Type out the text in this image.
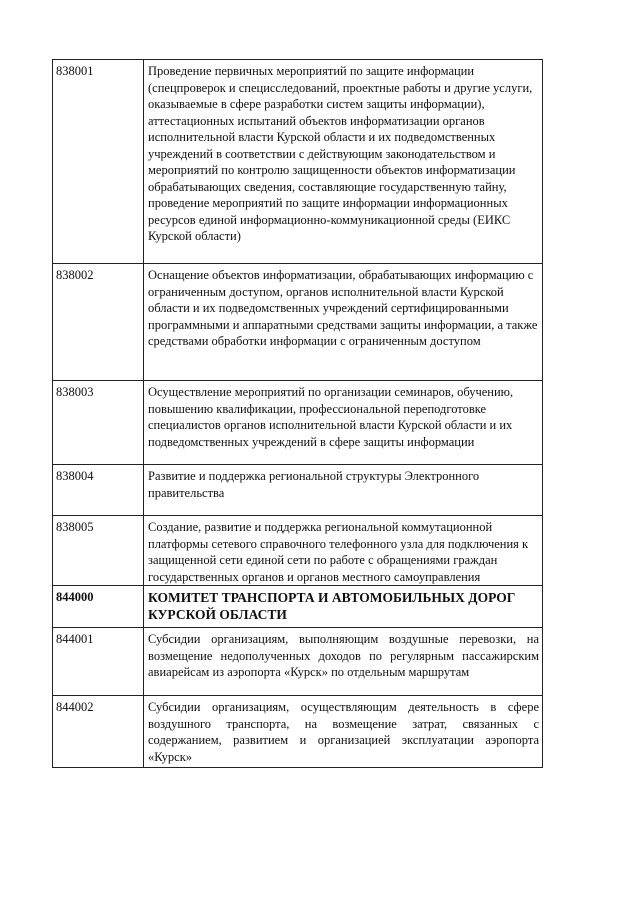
838001	Проведение первичных мероприятий по защите информации (спецпроверок и специсследований, проектные работы и другие услуги, оказываемые в сфере разработки систем защиты информации), аттестационных испытаний объектов информатизации органов исполнительной власти Курской области и их подведомственных учреждений в соответствии с действующим законодательством и мероприятий по контролю защищенности объектов информатизации обрабатывающих сведения, составляющие государственную тайну, проведение мероприятий по защите информации информационных ресурсов единой информационно-коммуникационной среды (ЕИКС Курской области)
838002	Оснащение объектов информатизации, обрабатывающих информацию с ограниченным доступом, органов исполнительной власти Курской области и их подведомственных учреждений сертифицированными программными и аппаратными средствами защиты информации, а также средствами обработки информации с ограниченным доступом
838003	Осуществление мероприятий по организации семинаров, обучению, повышению квалификации, профессиональной переподготовке специалистов органов исполнительной власти Курской области и их подведомственных учреждений в сфере защиты информации
838004	Развитие и поддержка региональной структуры Электронного правительства
838005	Создание, развитие и поддержка региональной коммутационной платформы сетевого справочного телефонного узла для подключения к защищенной сети единой сети по работе с обращениями граждан государственных органов и органов местного самоуправления
844000	КОМИТЕТ ТРАНСПОРТА И АВТОМОБИЛЬНЫХ ДОРОГ КУРСКОЙ ОБЛАСТИ
844001	Субсидии организациям, выполняющим воздушные перевозки, на возмещение недополученных доходов по регулярным пассажирским авиарейсам из аэропорта «Курск» по отдельным маршрутам
844002	Субсидии организациям, осуществляющим деятельность в сфере воздушного транспорта, на возмещение затрат, связанных с содержанием, развитием и организацией эксплуатации аэропорта «Курск»
